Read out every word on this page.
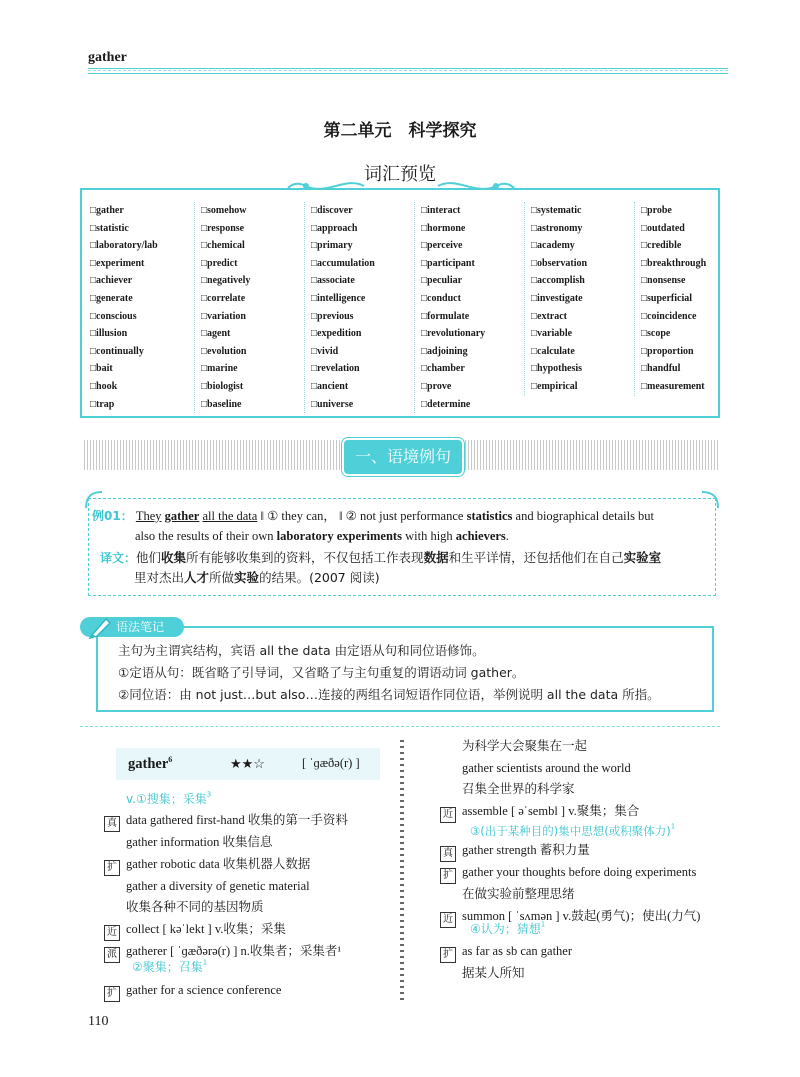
gather
第二单元　科学探究
词汇预览
□gather
□statistic
□laboratory/lab
□experiment
□achiever
□generate
□conscious
□illusion
□continually
□bait
□hook
□trap
□somehow
□response
□chemical
□predict
□negatively
□correlate
□variation
□agent
□evolution
□marine
□biologist
□baseline
□discover
□approach
□primary
□accumulation
□associate
□intelligence
□previous
□expedition
□vivid
□revelation
□ancient
□universe
□interact
□hormone
□perceive
□participant
□peculiar
□conduct
□formulate
□revolutionary
□adjoining
□chamber
□prove
□determine
□systematic
□astronomy
□academy
□observation
□accomplish
□investigate
□extract
□variable
□calculate
□hypothesis
□empirical
□probe
□outdated
□credible
□breakthrough
□nonsense
□superficial
□coincidence
□scope
□proportion
□handful
□measurement
一、语境例句
例01： They gather all the data ‖ ① they can， ‖ ② not just performance statistics and biographical details but
also the results of their own laboratory experiments with high achievers.
译文：他们收集所有能够收集到的资料，不仅包括工作表现数据和生平详情，还包括他们在自己实验室
里对杰出人才所做实验的结果。(2007 阅读)
主句为主谓宾结构，宾语 all the data 由定语从句和同位语修饰。
①定语从句：既省略了引导词，又省略了与主句重复的谓语动词 gather。
②同位语：由 not just…but also…连接的两组名词短语作同位语，举例说明 all the data 所指。
语法笔记
gather$^6$	★★☆	[ ˈɡæðə(r) ]
v.①搜集；采集$^3$
真 data gathered first-hand 收集的第一手资料
gather information 收集信息
扩 gather robotic data 收集机器人数据
gather a diversity of genetic material
收集各种不同的基因物质
近 collect [ kəˈlekt ] v.收集；采集
派 gatherer [ ˈɡæðərə(r) ] n.收集者；采集者¹
②聚集；召集$^1$
扩 gather for a science conference
为科学大会聚集在一起
gather scientists around the world
召集全世界的科学家
近 assemble [ əˈsembl ] v.聚集；集合
③(出于某种目的)集中思想(或积聚体力)$^1$
真 gather strength 蓄积力量
扩 gather your thoughts before doing experiments
在做实验前整理思绪
近 summon [ ˈsʌmən ] v.鼓起(勇气)；使出(力气)
④认为；猜想$^1$
扩 as far as sb can gather
据某人所知
110
